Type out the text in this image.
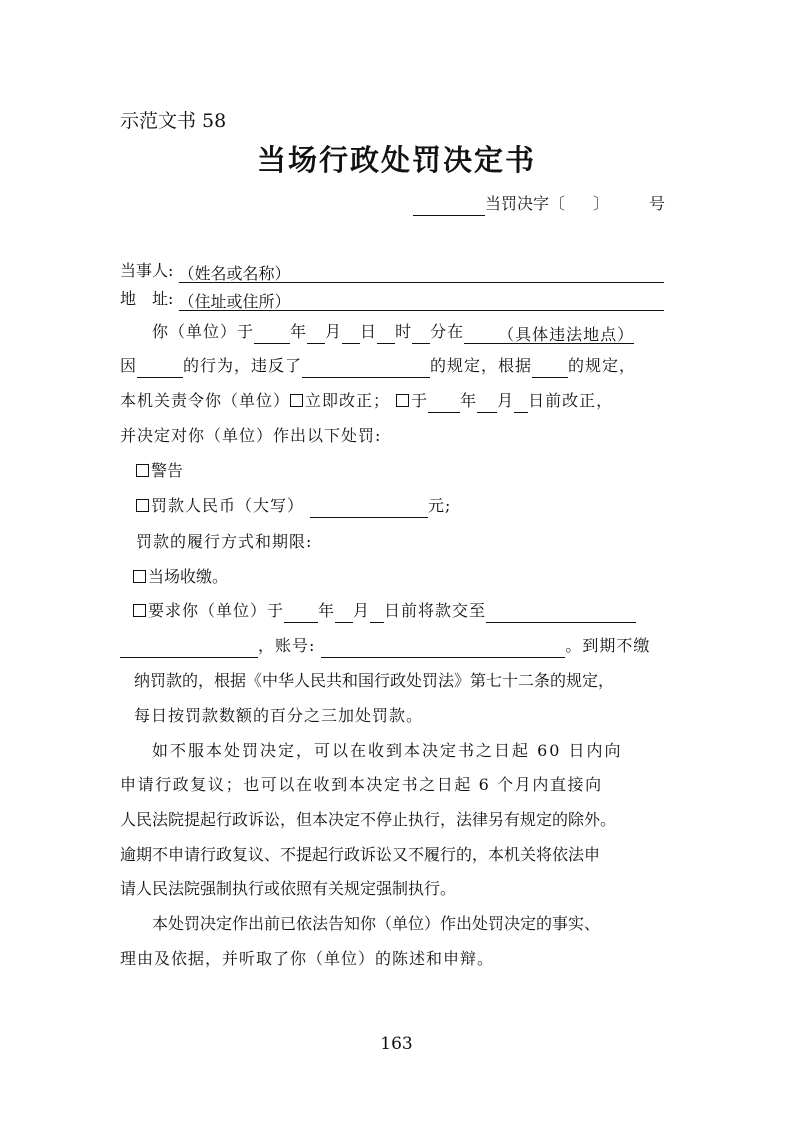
示范文书 58
当场行政处罚决定书
当罚决字〔 〕	号
当事人: （姓名或名称）
地　址: （住址或住所）
你（单位）于 年 月 日 时 分在 （具体违法地点）
因	的行为，违反了	的规定，根据 的规定，
本机关责令你（单位） 立即改正； 于 年 月 日前改正，
并决定对你（单位）作出以下处罚:
警告
罚款人民币（大写）	元;
罚款的履行方式和期限:
当场收缴。
要求你（单位）于 年 月 日前将款交至
，账号:	。到期不缴
纳罚款的，根据《中华人民共和国行政处罚法》第七十二条的规定，
每日按罚款数额的百分之三加处罚款。
如不服本处罚决定，可以在收到本决定书之日起 60 日内向
申请行政复议；也可以在收到本决定书之日起 6 个月内直接向
人民法院提起行政诉讼，但本决定不停止执行，法律另有规定的除外。
逾期不申请行政复议、不提起行政诉讼又不履行的，本机关将依法申
请人民法院强制执行或依照有关规定强制执行。
本处罚决定作出前已依法告知你（单位）作出处罚决定的事实、
理由及依据，并听取了你（单位）的陈述和申辩。
163
